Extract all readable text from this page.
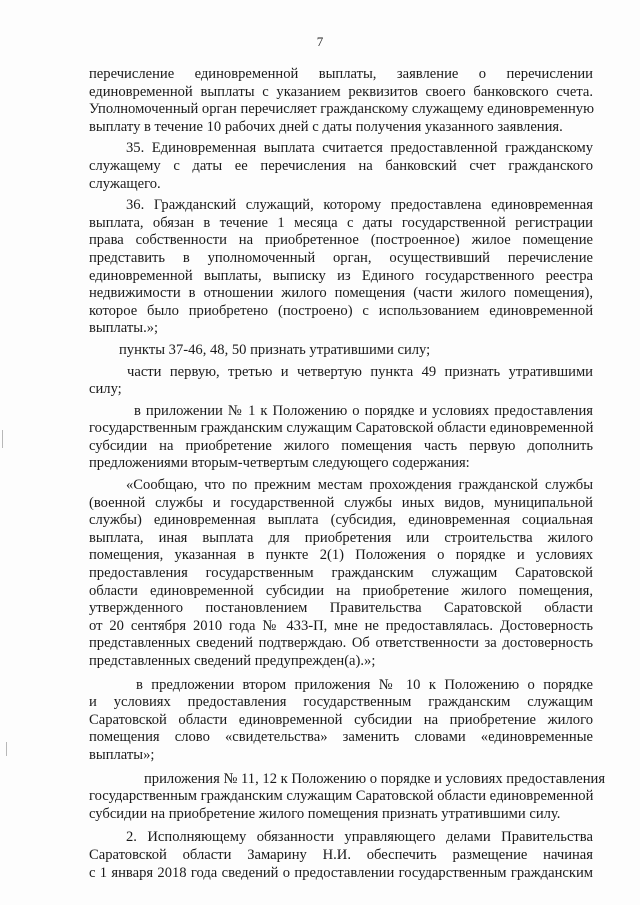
7
перечисление единовременной выплаты, заявление о перечислении
единовременной выплаты с указанием реквизитов своего банковского счета.
Уполномоченный орган перечисляет гражданскому служащему единовременную
выплату в течение 10 рабочих дней с даты получения указанного заявления.
35. Единовременная выплата считается предоставленной гражданскому
служащему с даты ее перечисления на банковский счет гражданского
служащего.
36. Гражданский служащий, которому предоставлена единовременная
выплата, обязан в течение 1 месяца с даты государственной регистрации
права собственности на приобретенное (построенное) жилое помещение
представить в уполномоченный орган, осуществивший перечисление
единовременной выплаты, выписку из Единого государственного реестра
недвижимости в отношении жилого помещения (части жилого помещения),
которое было приобретено (построено) с использованием единовременной
выплаты.»;
пункты 37-46, 48, 50 признать утратившими силу;
части первую, третью и четвертую пункта 49 признать утратившими
силу;
в приложении № 1 к Положению о порядке и условиях предоставления
государственным гражданским служащим Саратовской области единовременной
субсидии на приобретение жилого помещения часть первую дополнить
предложениями вторым-четвертым следующего содержания:
«Сообщаю, что по прежним местам прохождения гражданской службы
(военной службы и государственной службы иных видов, муниципальной
службы) единовременная выплата (субсидия, единовременная социальная
выплата, иная выплата для приобретения или строительства жилого
помещения, указанная в пункте 2(1) Положения о порядке и условиях
предоставления государственным гражданским служащим Саратовской
области единовременной субсидии на приобретение жилого помещения,
утвержденного постановлением Правительства Саратовской области
от 20 сентября 2010 года № 433-П, мне не предоставлялась. Достоверность
представленных сведений подтверждаю. Об ответственности за достоверность
представленных сведений предупрежден(а).»;
в предложении втором приложения № 10 к Положению о порядке
и условиях предоставления государственным гражданским служащим
Саратовской области единовременной субсидии на приобретение жилого
помещения слово «свидетельства» заменить словами «единовременные
выплаты»;
приложения № 11, 12 к Положению о порядке и условиях предоставления
государственным гражданским служащим Саратовской области единовременной
субсидии на приобретение жилого помещения признать утратившими силу.
2. Исполняющему обязанности управляющего делами Правительства
Саратовской области Замарину Н.И. обеспечить размещение начиная
с 1 января 2018 года сведений о предоставлении государственным гражданским
